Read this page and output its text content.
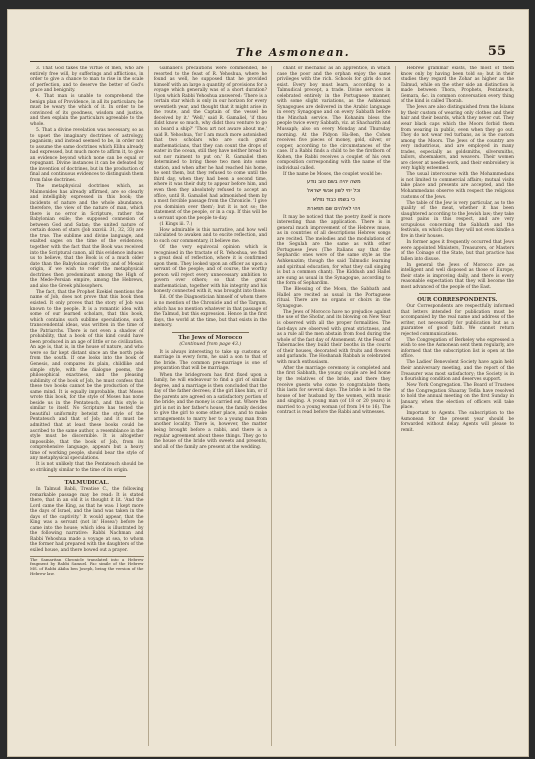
The Asmonean.	55

3. That God takes the virtue of men, who are entirely free will, by sufferings and afflictions, in order to give a chance to man to rise in the scale of perfection, and to deserve the better of God's grace and benignity.

4. That man is unable to comprehend the benign plan of Providence, in all its particulars; he must be weary the which of it. In order to be convinced of its goodness, wisdom and justice, and then explain the particulars agreeable to the whole.

5. That a divine revelation was necessary, so as to upset the imaginary doctrines of astrology, paganism; and instead seemed to be, in order not to assume the same doctrines which Elihu already had expressed, but much more to affirm it, to give an evidence beyond which none can be equal or repugnant. Divine instances it can be defeated by the invention of doctrines, but in the production of final and continuous evidences to distinguish them from false doctrines.

The metaphysical doctrines which, as Maimonides has already affirmed, are so clearly and intelligibly expressed in this book; the incidents of nature and the whole abundance, therefore, the view of the nature of man, which there is no error in Scripture, rather the Babylonian exile; the supposed connexion of between God and Satan; the united nature of certain dozen of stars (Job xxxviii. 31, 32, 33) are the true. The sublime and divine language, and exalted sages on the time of the evidences; together with the fact that the Book was received into the Scriptural canon, all this evidence induces us to believe, that the Book is of a much older date than the Babylonian captivity, and of Mosaic origin, if we wish to refer the metaphysical doctrines then predominant among the High of the Mede-Persian empire, among the Hebrews, and also the Greek philosophers.

The fact, that the Prophet Ezekiel mentions the name of Job, does not prove that this book then existed. It only proves that the story of Job was known to the people. It is a romantic idea with some of our learned scholars, that this book, which contains such sublime speculations, such transcendental ideas, was written in the time of the Patriarchs. There is not even a shadow of probability, that a book of this kind could have been produced in an age of little or no civilization. An age is, that is, in the house of nature, and who were so far kept distant since an the north pole from the south. If one looks into the book of Genesis, and compares its plain, childlike and simple style, with the dialogue poems, the philosophical exactness, and the pleasing sublimity of the book of Job, he must confess that these two books cannot be the production of the same mind. It is equally improbable, that Moses wrote this book, for the style of Moses has none beside us in the Pentateuch, and this style is similar to itself. No Scripture has tested the beautiful uniformity betwixt the style of the Pentateuch and that of Job; and it must be admitted that at least these books could be ascribed to the same author, a resemblance in the style must be discernible. It is altogether impossible, that the book of Job, from its comprehensive language, appears but a heavy time of working people, should bear the style of any metaphysical speculations.

It is not unlikely that the Pentateuch should be so strikingly similar to the time of its origin.

TALMUDICAL.

In Talmud Babli, Treatise C., the following remarkable passage may be read: It is stated there, that in an old it is thought it lit. 'And the Lord came the King, as that he was: I kept more the days of Israel, and the land was taken in the days of the captivity.' It would appear, that the King was a servant (not in' Hosea') before he came into the house; which idea is illustrated by the following narrative: Rabbi Nachman and Rabbi Yehoshua made a voyage at sea, to whom the former had prepared with the daughters of the exiled house, and there bowed out a prayer.

The Samaritan Chronicle translated into a Hebrew fragment by Rabbi Samuel. Fac simile of the Hebrew MS. of Rabbi Akiba ben Joseph, being the version of the Hebrew law.

Gamaliel's precautions were commended, he resorted to the feast of R. Yehoshua, where he found as well, he supposed that he provided himself with an large a quantity of provisions for a voyage which generally was of a short duration? Upon which Rabbi Yehoshua answered: 'There is a certain star which is only in our horizon for every seventieth year, and thought that it might arise in the route, and the Captain of the vessel be deceived by it.' 'Well,' said R. Gamaliel, 'if thou didst know so much, why didst thou venture to go on board a ship?' 'Thou art not aware about me,' said R. Yehoshua, 'for I am much more astonished that two scholars who are such great mathematicians, that they can count the drops of water in the ocean, still they have neither bread to eat nor raiment to put on.' R. Gamaliel then determined to bring these two men into some station, and when after he had reached his home, he sent them, but they refused to come until the third day, when they had been a second time, where it was their duty to appear before him, and even then they absolutely refused to accept an office, until R. Gamaliel had admonished them by a most forcible passage from the Chronicle. 'I give you dominion over them'; but it is not so; the statement of the people, or in a cup. If this will be a servant upon the people to-day.

(1 Kings iii. 7.)

How admirable is this narrative, and how well calculated to awaken and to excite reflection, and to such our commentary, it believe me.

Of the very equivocal opinion which is recognised in the tractate of R. Yehoshua, we find a great deal of reflection, where it is confirmed upon them. They looked upon an officer as upon a servant of the people; and of course, the worthy person will reject every unnecessary ambition to govern over others; so that the great mathematician, together with his integrity and his honesty connected with it, was brought into those.

Ed. Of the Diagnostician himself of whom there is no mention of the Chronicle and of the Targum, which has no mention whatever in that passage of the Talmud, but this expression. Hence in the first days, the world at the time, but that exists in the memory.

The Jews of Morocco
(Continued from page 43.)

It is always interesting to take up customs or marriage in every form, he said a son to that of the bride. The common pre-marriage is one of preparation that will be marriage.

When the bridegroom has first fixed upon a family, he will endeavour to find a girl of similar degree, and a marriage is then concluded that the day of the father decrees; if the girl likes him, or if the parents are agreed on a satisfactory portion of the bride; and the money is carried out. Where the girl is not in her father's house, the family decides to give the girl to some other place, and to make arrangements to marry her to a young man from another locality. There is, however, the matter being brought before a rabbi, and there is a regular agreement about these things. They go to the house of the bride with sweets and presents, and all of the family are present at the wedding.

chant or mechanic as an apprentice, in which case the poor and the orphan enjoy the same privileges with the rich. Schools for girls do not exist. Every boy must learn, according to a Talmudical precept, a trade. Divine services in celebrated entirely in the Portuguese manner, with some slight variations, as the Ashkenazi Synagogues are delivered in the Arabic language in every Synagogue and on every Sabbath before the Minchah service. The Kohanim bless the people twice every Sabbath, viz. at Shacharith and Mussaph; also on every Monday and Thursday morning. At the Pidyon Ha-Ben, the Cohen receives five pieces of money, gold, silver, or copper, according to the circumstances of the case. If a Rabbi finds a child to be the firstborn of Kohen, the Rabbi receives a couplet of his own composition corresponding with the name of the individual called.

If the name be Moses, the couplet would be:

משה יהיה בשם טוב נודע
וכל יחי לשון אנשי ישראל
כי בשמו כבוד נפלא
ויהי לאלהים שם תפארת

It may be noticed that the poetry itself is more interesting than the application. There is in general much improvement of the Hebrew muse, as in countries of all descriptions Hebrew songs are recited. The melodies and the modulations of the Segulah are the same as with other Portuguese Jews (The Italians say that the Sephardic ones were of the same style as the Ashkenazim; though the said Talmudic learning and spiritual education, for what they call singing is but a common chant). The Kiddush and Hallel are sung as usual in the Synagogue, according to the form of Sephardim.

The Blessing of the Moon, the Sabbath and Hallel are recited as usual in the Portuguese ritual. There are no organs or choirs in the Synagogue.

The Jews of Morocco have no prejudice against the use of the Shofar, and its blowing on New Year is observed with all the proper formalities. The fast-days are observed with great strictness, and as a rule all the men abstain from food during the whole of the fast day of Atonement. At the Feast of Tabernacles they build their booths in the courts of their houses, decorated with fruits and flowers and garlands. The Hoshanah Rabbah is celebrated with much enthusiasm.

After the marriage ceremony is completed and the first Sabbath, the young couple are led home by the relatives of the bride, and there they receive guests who come to congratulate them; this lasts for several days. The bride is led to the house of her husband by the women, with music and singing. A young man (of 18 or 20 years) is married to a young woman (of from 14 to 16). The contract is read before the Rabbi and witnesses.

Hebrew grammar exists, the most of them know only by having been told so; but in their studies they regard the Zohar as higher as the Talmud, while on the other side an distinction is made between Thora, Prophets, Pentateuch, Gemara, &c. in common conversation every thing of the kind is called Thorah.

The Jews are also distinguished from the Islams by their custom of wearing only clothes and their hair and their beards, which they never cut. They wear black caps which the Moors forbid them from wearing in public, even when they go out. They do not wear red turbans, as is the custom among the Moors. The Jews of the country are very industrious, and are employed in many trades, especially as goldsmiths, silversmiths, tailors, shoemakers, and weavers. Their women are clever at needle-work, and their embroidery is very highly esteemed.

The usual intercourse with the Mohammedans is not limited to commercial affairs; mutual visits take place and presents are accepted, and the Mohammedans observe with respect the religious customs of the Jews.

The table of the Jew is very particular, as to the quality of the meat, whether it has been slaughtered according to the Jewish law; they take great pains in this respect, and are very scrupulous concerning the Sabbath and the festivals, on which days they will not even kindle a fire in their houses.

In former ages it frequently occurred that Jews were appointed Ministers, Treasurers, or Masters of the Coinage of the State, but that practice has fallen into disuse.

In general the Jews of Morocco are as intelligent and well disposed as those of Europe, their state is improving daily, and there is every reasonable expectation that they will become the most advanced of the people of the East.

OUR CORRESPONDENTS.

Our Correspondents are respectfully informed that letters intended for publication must be accompanied by the real name and address of the writer, not necessarily for publication but as a guarantee of good faith. We cannot return rejected communications.

The Congregation of Berkeley who expressed a wish to see the Asmonean sent them regularly, are informed that the subscription list is open at the office.

The Ladies' Benevolent Society have again held their anniversary meeting, and the report of the Treasurer was most satisfactory; the Society is in a flourishing condition and deserves support.

New York Congregation. The Board of Trustees of the Congregation Shaaray Tefila have resolved to hold the annual meeting on the first Sunday in January, when the election of officers will take place.

Important to Agents. The subscription to the Asmonean for the present year should be forwarded without delay. Agents will please to remit.
